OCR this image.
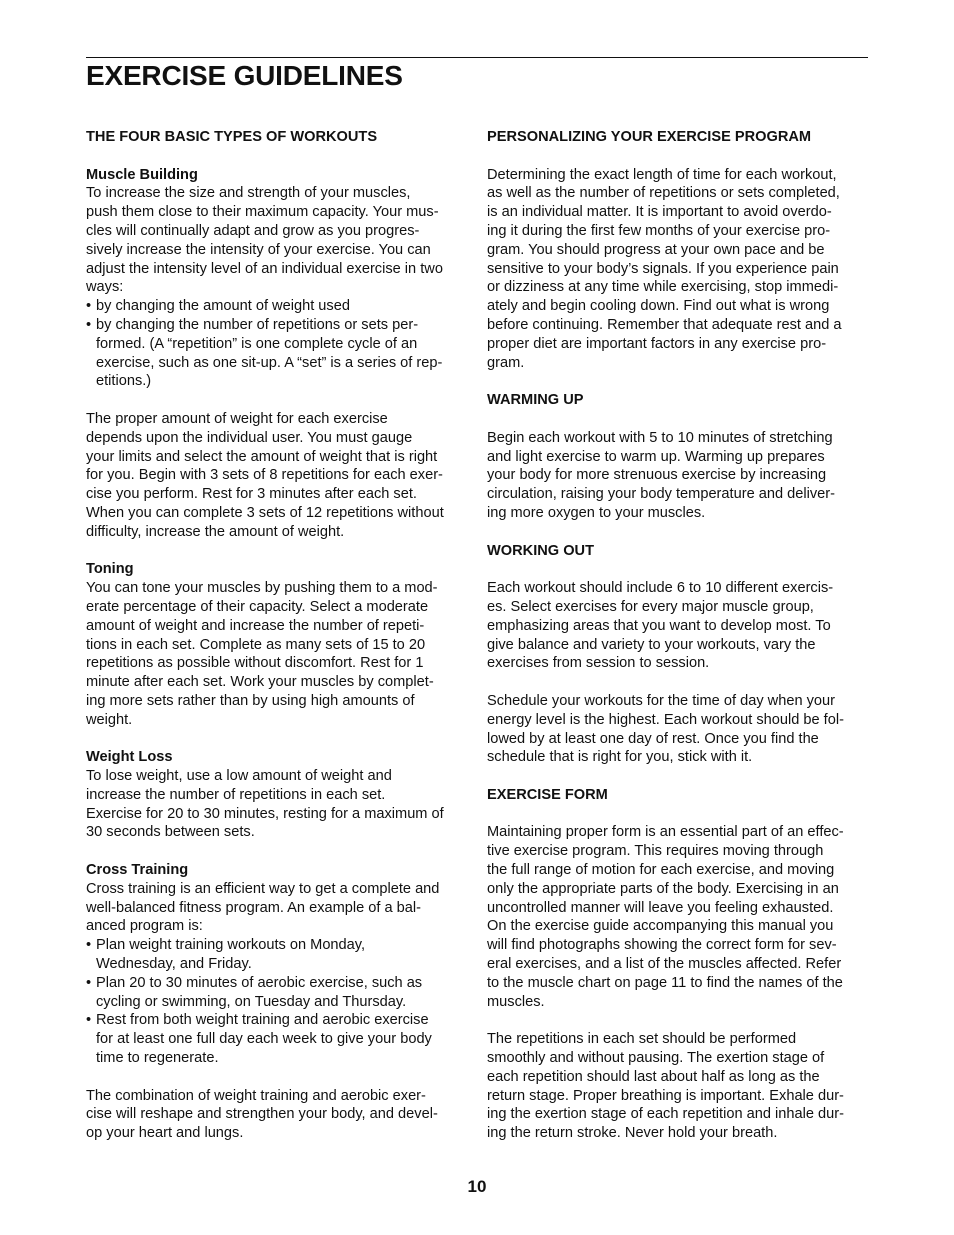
EXERCISE GUIDELINES

THE FOUR BASIC TYPES OF WORKOUTS

Muscle Building

To increase the size and strength of your muscles,
push them close to their maximum capacity. Your mus-
cles will continually adapt and grow as you progres-
sively increase the intensity of your exercise. You can
adjust the intensity level of an individual exercise in two
ways:

• by changing the amount of weight used
• by changing the number of repetitions or sets per-
formed. (A “repetition” is one complete cycle of an
exercise, such as one sit-up. A “set” is a series of rep-
etitions.)

The proper amount of weight for each exercise
depends upon the individual user. You must gauge
your limits and select the amount of weight that is right
for you. Begin with 3 sets of 8 repetitions for each exer-
cise you perform. Rest for 3 minutes after each set.
When you can complete 3 sets of 12 repetitions without
difficulty, increase the amount of weight.

Toning

You can tone your muscles by pushing them to a mod-
erate percentage of their capacity. Select a moderate
amount of weight and increase the number of repeti-
tions in each set. Complete as many sets of 15 to 20
repetitions as possible without discomfort. Rest for 1
minute after each set. Work your muscles by complet-
ing more sets rather than by using high amounts of
weight.

Weight Loss

To lose weight, use a low amount of weight and
increase the number of repetitions in each set.
Exercise for 20 to 30 minutes, resting for a maximum of
30 seconds between sets.

Cross Training

Cross training is an efficient way to get a complete and
well-balanced fitness program. An example of a bal-
anced program is:

• Plan weight training workouts on Monday,
Wednesday, and Friday.
• Plan 20 to 30 minutes of aerobic exercise, such as
cycling or swimming, on Tuesday and Thursday.
• Rest from both weight training and aerobic exercise
for at least one full day each week to give your body
time to regenerate.

The combination of weight training and aerobic exer-
cise will reshape and strengthen your body, and devel-
op your heart and lungs.

PERSONALIZING YOUR EXERCISE PROGRAM

Determining the exact length of time for each workout,
as well as the number of repetitions or sets completed,
is an individual matter. It is important to avoid overdo-
ing it during the first few months of your exercise pro-
gram. You should progress at your own pace and be
sensitive to your body’s signals. If you experience pain
or dizziness at any time while exercising, stop immedi-
ately and begin cooling down. Find out what is wrong
before continuing. Remember that adequate rest and a
proper diet are important factors in any exercise pro-
gram.

WARMING UP

Begin each workout with 5 to 10 minutes of stretching
and light exercise to warm up. Warming up prepares
your body for more strenuous exercise by increasing
circulation, raising your body temperature and deliver-
ing more oxygen to your muscles.

WORKING OUT

Each workout should include 6 to 10 different exercis-
es. Select exercises for every major muscle group,
emphasizing areas that you want to develop most. To
give balance and variety to your workouts, vary the
exercises from session to session.

Schedule your workouts for the time of day when your
energy level is the highest. Each workout should be fol-
lowed by at least one day of rest. Once you find the
schedule that is right for you, stick with it.

EXERCISE FORM

Maintaining proper form is an essential part of an effec-
tive exercise program. This requires moving through
the full range of motion for each exercise, and moving
only the appropriate parts of the body. Exercising in an
uncontrolled manner will leave you feeling exhausted.
On the exercise guide accompanying this manual you
will find photographs showing the correct form for sev-
eral exercises, and a list of the muscles affected. Refer
to the muscle chart on page 11 to find the names of the
muscles.

The repetitions in each set should be performed
smoothly and without pausing. The exertion stage of
each repetition should last about half as long as the
return stage. Proper breathing is important. Exhale dur-
ing the exertion stage of each repetition and inhale dur-
ing the return stroke. Never hold your breath.

10
